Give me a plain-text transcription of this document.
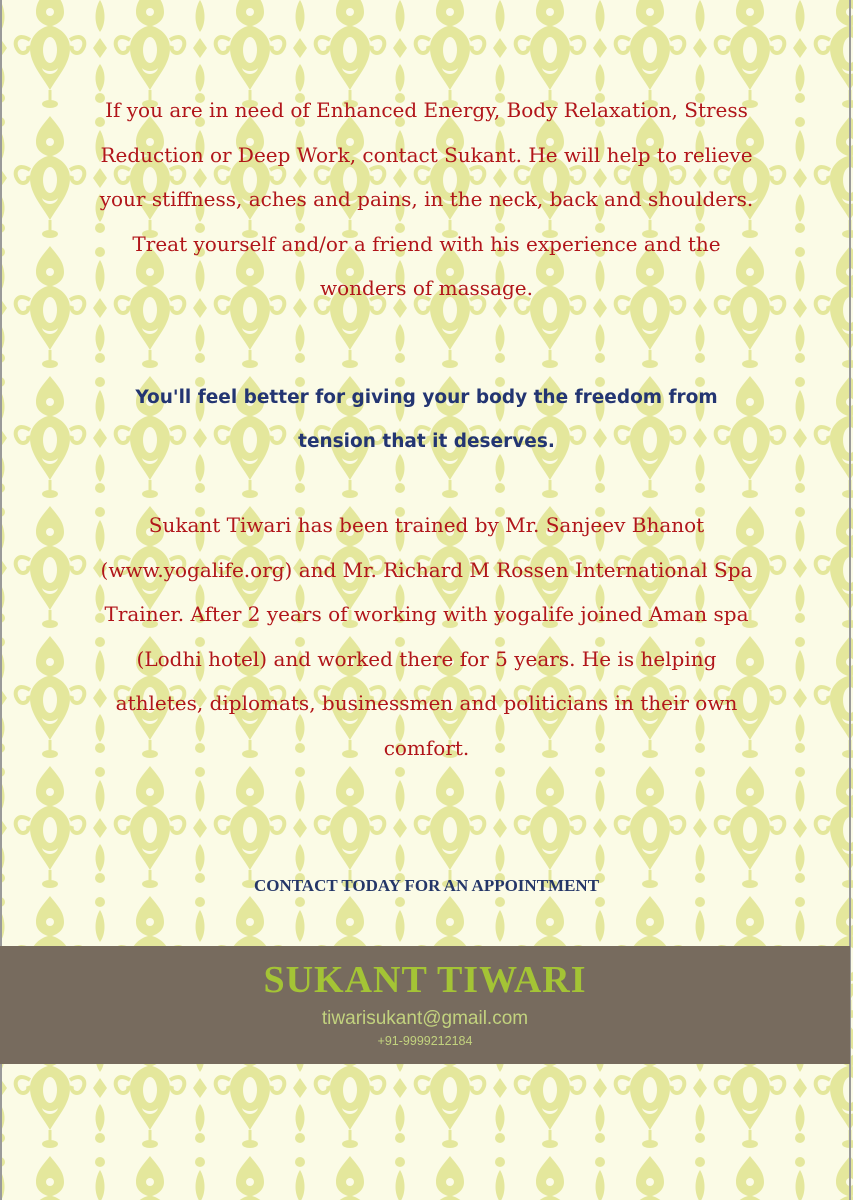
If you are in need of Enhanced Energy, Body Relaxation, Stress
Reduction or Deep Work, contact Sukant. He will help to relieve
your stiffness, aches and pains, in the neck, back and shoulders.
Treat yourself and/or a friend with his experience and the
wonders of massage.

You'll feel better for giving your body the freedom from
tension that it deserves.

Sukant Tiwari has been trained by Mr. Sanjeev Bhanot
(www.yogalife.org) and Mr. Richard M Rossen International Spa
Trainer. After 2 years of working with yogalife joined Aman spa
(Lodhi hotel) and worked there for 5 years. He is helping
athletes, diplomats, businessmen and politicians in their own
comfort.

CONTACT TODAY FOR AN APPOINTMENT

SUKANT TIWARI

tiwarisukant@gmail.com

+91-9999212184
